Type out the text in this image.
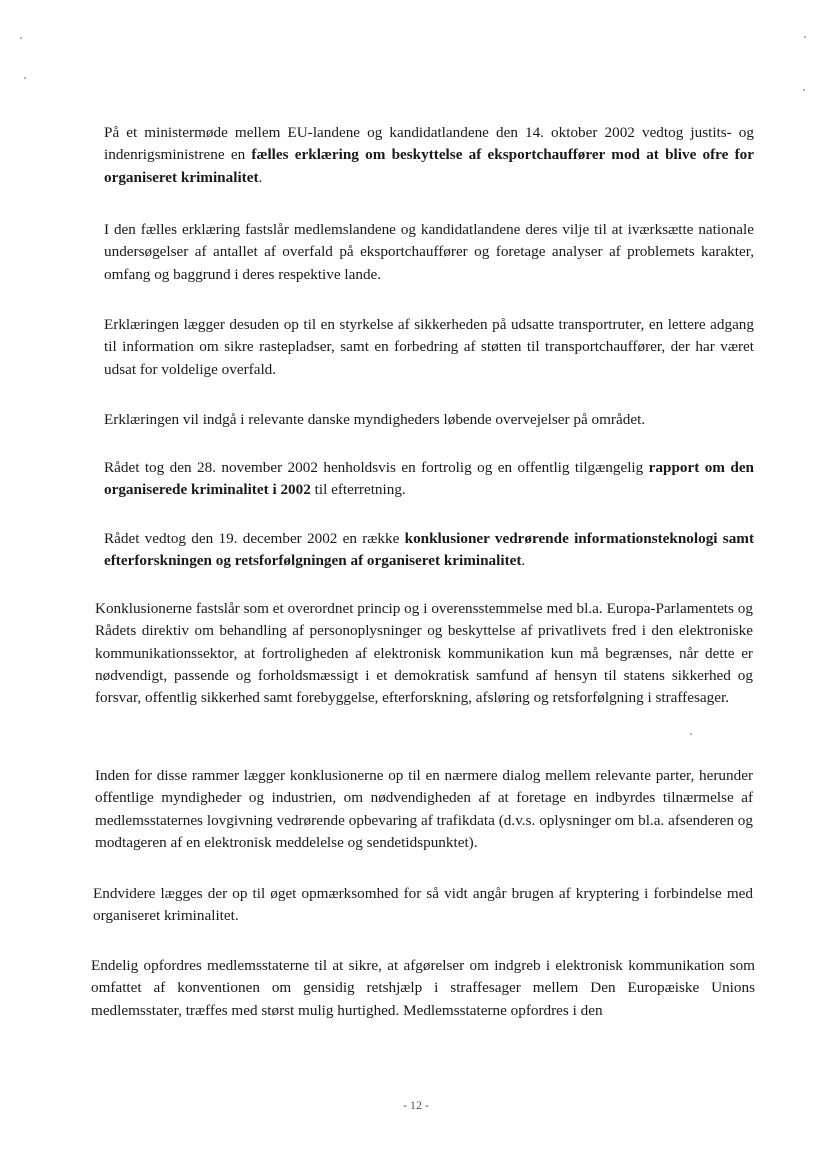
På et ministermøde mellem EU-landene og kandidatlandene den 14. oktober 2002 vedtog justits- og indenrigsministrene en fælles erklæring om beskyttelse af eksportchauffører mod at blive ofre for organiseret kriminalitet.

I den fælles erklæring fastslår medlemslandene og kandidatlandene deres vilje til at iværksætte nationale undersøgelser af antallet af overfald på eksportchauffører og foretage analyser af problemets karakter, omfang og baggrund i deres respektive lande.

Erklæringen lægger desuden op til en styrkelse af sikkerheden på udsatte transportruter, en lettere adgang til information om sikre rastepladser, samt en forbedring af støtten til transportchauffører, der har været udsat for voldelige overfald.

Erklæringen vil indgå i relevante danske myndigheders løbende overvejelser på området.

Rådet tog den 28. november 2002 henholdsvis en fortrolig og en offentlig tilgængelig rapport om den organiserede kriminalitet i 2002 til efterretning.

Rådet vedtog den 19. december 2002 en række konklusioner vedrørende informationsteknologi samt efterforskningen og retsforfølgningen af organiseret kriminalitet.

Konklusionerne fastslår som et overordnet princip og i overensstemmelse med bl.a. Europa-Parlamentets og Rådets direktiv om behandling af personoplysninger og beskyttelse af privatlivets fred i den elektroniske kommunikationssektor, at fortroligheden af elektronisk kommunikation kun må begrænses, når dette er nødvendigt, passende og forholdsmæssigt i et demokratisk samfund af hensyn til statens sikkerhed og forsvar, offentlig sikkerhed samt forebyggelse, efterforskning, afsløring og retsforfølgning i straffesager.

Inden for disse rammer lægger konklusionerne op til en nærmere dialog mellem relevante parter, herunder offentlige myndigheder og industrien, om nødvendigheden af at foretage en indbyrdes tilnærmelse af medlemsstaternes lovgivning vedrørende opbevaring af trafikdata (d.v.s. oplysninger om bl.a. afsenderen og modtageren af en elektronisk meddelelse og sendetidspunktet).

Endvidere lægges der op til øget opmærksomhed for så vidt angår brugen af kryptering i forbindelse med organiseret kriminalitet.

Endelig opfordres medlemsstaterne til at sikre, at afgørelser om indgreb i elektronisk kommunikation som omfattet af konventionen om gensidig retshjælp i straffesager mellem Den Europæiske Unions medlemsstater, træffes med størst mulig hurtighed. Medlemsstaterne opfordres i den

- 12 -
